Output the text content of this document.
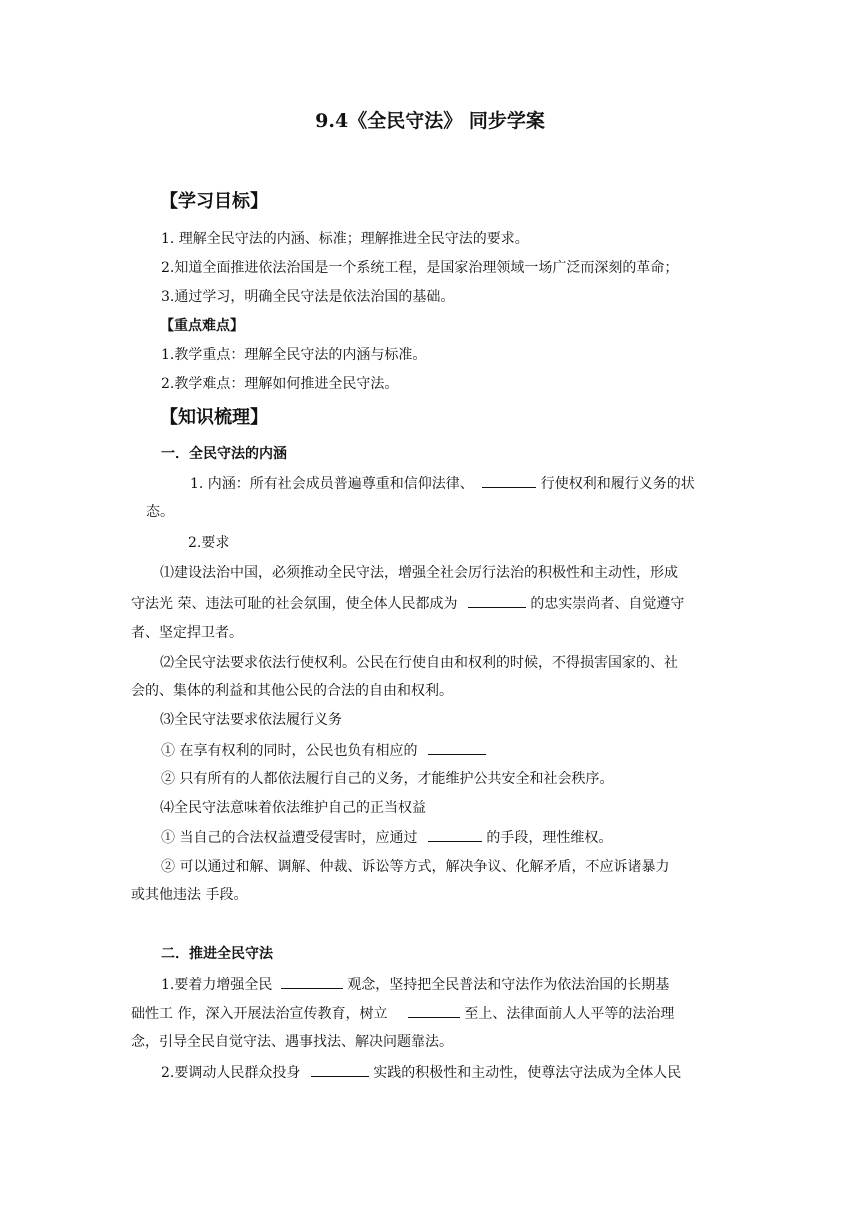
9.4《全民守法》 同步学案
【学习目标】
1. 理解全民守法的内涵、标准；理解推进全民守法的要求。
2.知道全面推进依法治国是一个系统工程，是国家治理领域一场广泛而深刻的革命；
3.通过学习，明确全民守法是依法治国的基础。
【重点难点】
1.教学重点：理解全民守法的内涵与标准。
2.教学难点：理解如何推进全民守法。
【知识梳理】
一．全民守法的内涵
1. 内涵：所有社会成员普遍尊重和信仰法律、	行使权利和履行义务的状
态。
2.要求
⑴建设法治中国，必须推动全民守法，增强全社会厉行法治的积极性和主动性，形成
守法光 荣、违法可耻的社会氛围，使全体人民都成为	的忠实崇尚者、自觉遵守
者、坚定捍卫者。
⑵全民守法要求依法行使权利。公民在行使自由和权利的时候，不得损害国家的、社
会的、集体的利益和其他公民的合法的自由和权利。
⑶全民守法要求依法履行义务
① 在享有权利的同时，公民也负有相应的
② 只有所有的人都依法履行自己的义务，才能维护公共安全和社会秩序。
⑷全民守法意味着依法维护自己的正当权益
① 当自己的合法权益遭受侵害时，应通过	的手段，理性维权。
② 可以通过和解、调解、仲裁、诉讼等方式，解决争议、化解矛盾，不应诉诸暴力
或其他违法 手段。
二．推进全民守法
1.要着力增强全民	观念，坚持把全民普法和守法作为依法治国的长期基
础性工 作，深入开展法治宣传教育，树立	至上、法律面前人人平等的法治理
念，引导全民自觉守法、遇事找法、解决问题靠法。
2.要调动人民群众投身	实践的积极性和主动性，使尊法守法成为全体人民
